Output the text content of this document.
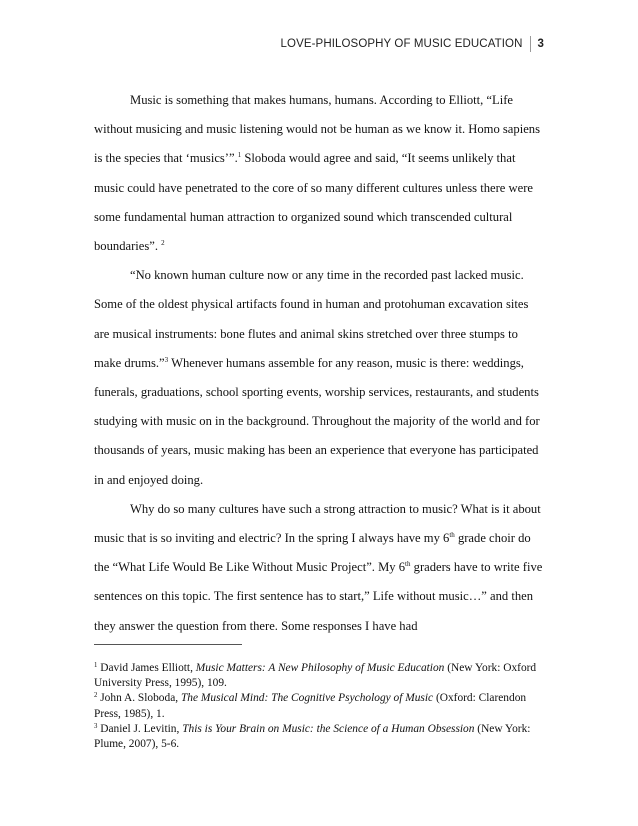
LOVE-PHILOSOPHY OF MUSIC EDUCATION 3

Music is something that makes humans, humans. According to Elliott, “Life without musicing and music listening would not be human as we know it. Homo sapiens is the species that ‘musics’”.$^1$ Sloboda would agree and said, “It seems unlikely that music could have penetrated to the core of so many different cultures unless there were some fundamental human attraction to organized sound which transcended cultural boundaries”. $^2$

“No known human culture now or any time in the recorded past lacked music. Some of the oldest physical artifacts found in human and protohuman excavation sites are musical instruments: bone flutes and animal skins stretched over three stumps to make drums.”$^3$ Whenever humans assemble for any reason, music is there: weddings, funerals, graduations, school sporting events, worship services, restaurants, and students studying with music on in the background. Throughout the majority of the world and for thousands of years, music making has been an experience that everyone has participated in and enjoyed doing.

Why do so many cultures have such a strong attraction to music? What is it about music that is so inviting and electric? In the spring I always have my 6th grade choir do the “What Life Would Be Like Without Music Project”. My 6th graders have to write five sentences on this topic. The first sentence has to start,” Life without music…” and then they answer the question from there. Some responses I have had

$^1$ David James Elliott, Music Matters: A New Philosophy of Music Education (New York: Oxford University Press, 1995), 109.

$^2$ John A. Sloboda, The Musical Mind: The Cognitive Psychology of Music (Oxford: Clarendon Press, 1985), 1.

$^3$ Daniel J. Levitin, This is Your Brain on Music: the Science of a Human Obsession (New York: Plume, 2007), 5-6.
